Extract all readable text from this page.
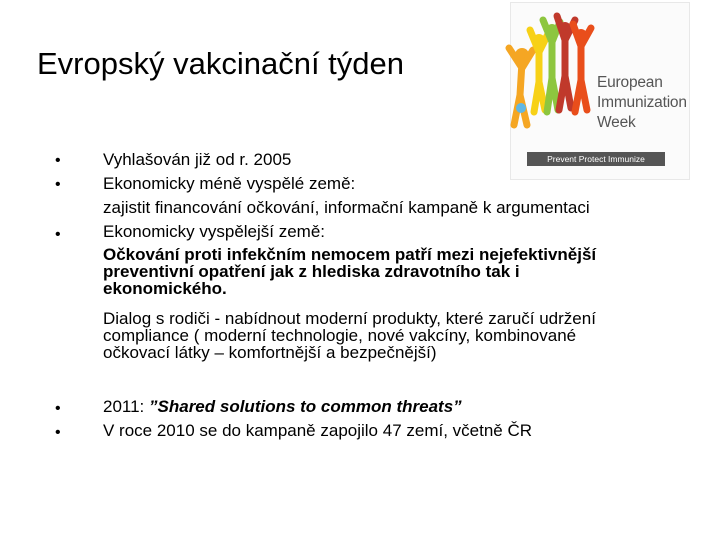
Evropský vakcinační týden
European
Immunization
Week
Prevent Protect Immunize
• Vyhlašován již od r. 2005
• Ekonomicky méně vyspělé země:
zajistit financování očkování, informační kampaně k argumentaci
• Ekonomicky vyspělejší země:
Očkování proti infekčním nemocem patří mezi nejefektivnější
preventivní opatření jak z hlediska zdravotního tak i
ekonomického.
Dialog s rodiči - nabídnout moderní produkty, které zaručí udržení
compliance ( moderní technologie, nové vakcíny, kombinované
očkovací látky – komfortnější a bezpečnější)
• 2011: ”Shared solutions to common threats”
• V roce 2010 se do kampaně zapojilo 47 zemí, včetně ČR
